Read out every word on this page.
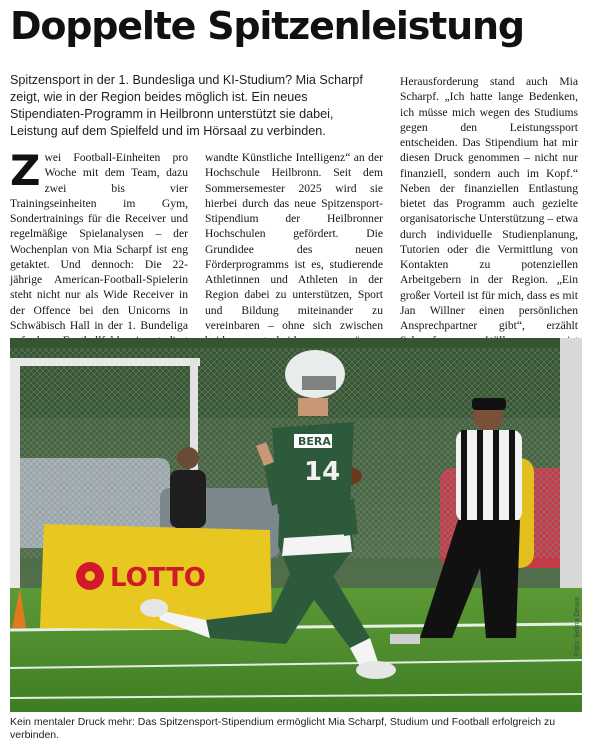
Doppelte Spitzenleistung

Spitzensport in der 1. Bundesliga und KI-Studium? Mia Scharpf zeigt, wie in der Region beides möglich ist. Ein neues Stipendiaten-Programm in Heilbronn unterstützt sie dabei, Leistung auf dem Spielfeld und im Hörsaal zu verbinden.

Zwei Football-Einheiten pro Woche mit dem Team, dazu zwei bis vier Trainingseinheiten im Gym, Sondertrainings für die Receiver und regelmäßige Spielanalysen – der Wochenplan von Mia Scharpf ist eng getaktet. Und dennoch: Die 22-jährige American-Football-Spielerin steht nicht nur als Wide Receiver in der Offence bei den Unicorns in Schwäbisch Hall in der 1. Bundeliga
wandte Künstliche Intelligenz“ an der Hochschule Heilbronn. Seit dem Sommersemester 2025 wird sie hierbei durch das neue Spitzensport-Stipendium der Heilbronner Hochschulen gefördert. Die Grundidee des neuen Förderprogramms ist es, studierende Athletinnen und Athleten in der Region dabei zu unterstützen, Sport und Bildung miteinander zu vereinbaren – ohne sich zwischen
Herausforderung stand auch Mia Scharpf. „Ich hatte lange Bedenken, ich müsse mich wegen des Studiums gegen den Leistungssport entscheiden. Das Stipendium hat mir diesen Druck genommen – nicht nur finanziell, sondern auch im Kopf.“ Neben der finanziellen Entlastung bietet das Programm auch gezielte organisatorische Unterstützung – etwa durch individuelle Studienplanung, Tutorien oder die Vermittlung von Kontakten zu potenziellen Arbeitgebern in der Region. „Ein großer Vorteil ist für mich, dass es mit Jan Willner einen persönlichen Ansprechpartner gibt“, erzählt
LOTTO
BERA
14

Foto: Selina Deuss

Kein mentaler Druck mehr: Das Spitzensport-Stipendium ermöglicht Mia Scharpf, Studium und Football erfolgreich zu verbinden.
